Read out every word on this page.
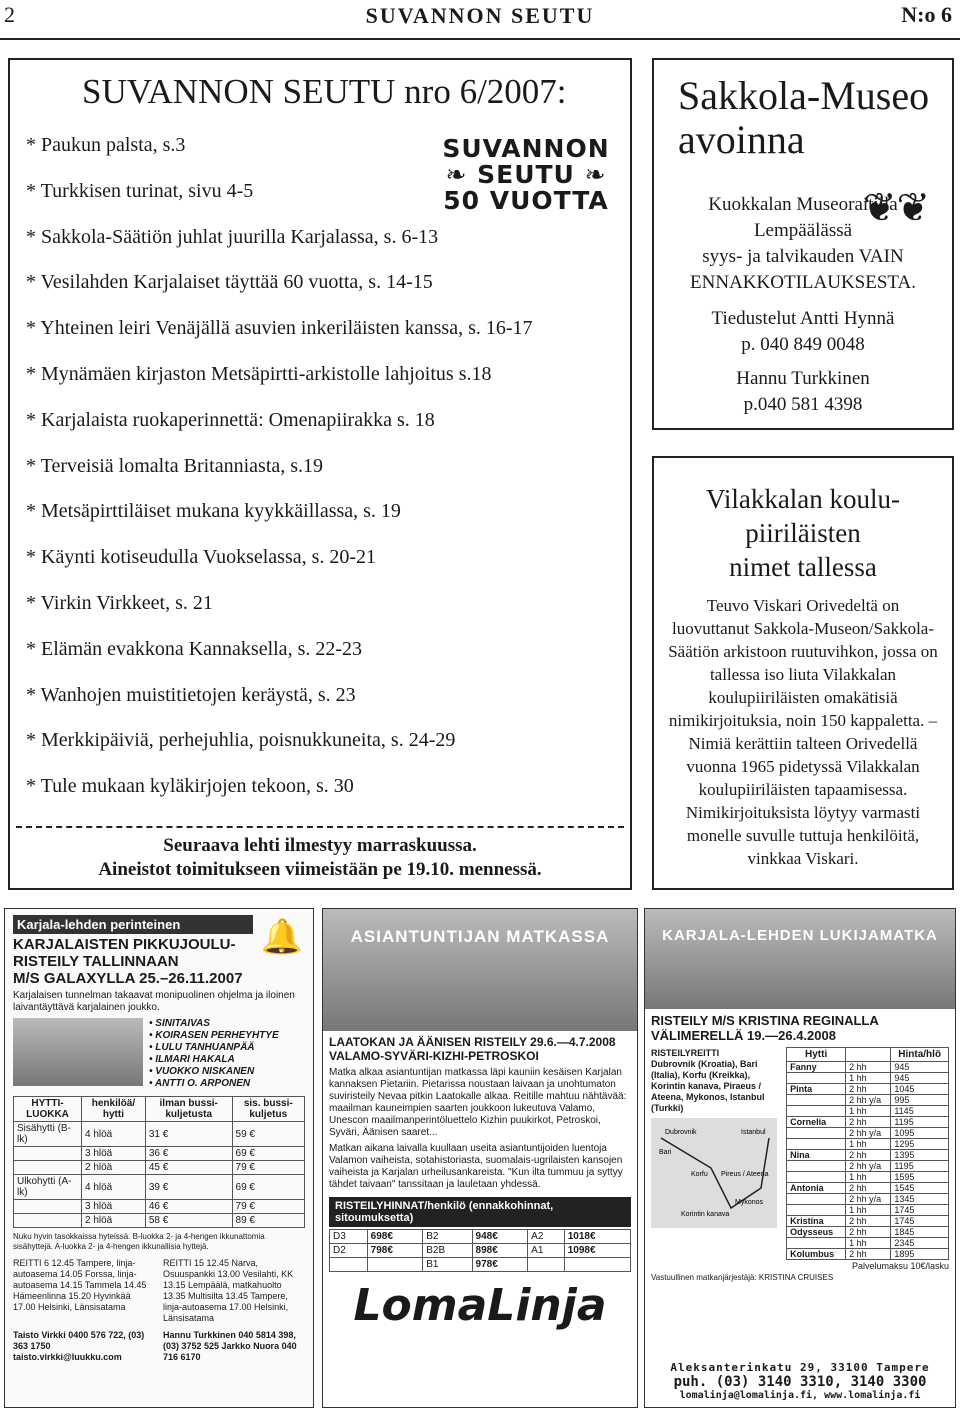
2	SUVANNON SEUTU	N:o 6
SUVANNON SEUTU nro 6/2007:
* Paukun palsta, s.3
* Turkkisen turinat, sivu 4-5
* Sakkola-Säätiön juhlat juurilla Karjalassa, s. 6-13
* Vesilahden Karjalaiset täyttää 60 vuotta, s. 14-15
* Yhteinen leiri Venäjällä asuvien inkeriläisten kanssa, s. 16-17
* Mynämäen kirjaston Metsäpirtti-arkistolle lahjoitus s.18
* Karjalaista ruokaperinnettä: Omenapiirakka s. 18
* Terveisiä lomalta Britanniasta, s.19
* Metsäpirttiläiset mukana kyykkäillassa, s. 19
* Käynti kotiseudulla Vuokselassa, s. 20-21
* Virkin Virkkeet, s. 21
* Elämän evakkona Kannaksella, s. 22-23
* Wanhojen muistitietojen keräystä, s. 23
* Merkkipäiviä, perhejuhlia, poisnukkuneita, s. 24-29
* Tule mukaan kyläkirjojen tekoon, s. 30
SUVANNON
❧ SEUTU ❧
50 VUOTTA
Seuraava lehti ilmestyy marraskuussa.
Aineistot toimitukseen viimeistään pe 19.10. mennessä.
Sakkola-Museo
avoinna
❦❦

Kuokkalan Museoraitilla

Lempäälässä

syys- ja talvikauden VAIN

ENNAKKOTILAUKSESTA.

Tiedustelut Antti Hynnä

p. 040 849 0048

Hannu Turkkinen

p.040 581 4398

Vilakkalan koulu-
piiriläisten
nimet tallessa

Teuvo Viskari Orivedeltä on luovuttanut Sakkola-Museon/Sakkola-Säätiön arkistoon ruutuvihkon, jossa on tallessa iso liuta Vilakkalan koulupiiriläisten omakätisiä nimikirjoituksia, noin 150 kappaletta. – Nimiä kerättiin talteen Orivedellä vuonna 1965 pidetyssä Vilakkalan koulupiiriläisten tapaamisessa. Nimikirjoituksista löytyy varmasti monelle suvulle tuttuja henkilöitä, vinkkaa Viskari.

Karjala-lehden perinteinen
KARJALAISTEN PIKKUJOULU-
RISTEILY TALLINNAAN
M/S GALAXYLLA 25.–26.11.2007
🔔
Karjalaisen tunnelman takaavat monipuolinen ohjelma ja iloinen laivantäyttävä karjalainen joukko.
• SINITAIVAS
• KOIRASEN PERHEYHTYE
• LULU TANHUANPÄÄ
• ILMARI HAKALA
• VUOKKO NISKANEN
• ANTTI O. ARPONEN
HYTTI-LUOKKA	henkilöä/ hytti	ilman bussi-kuljetusta	sis. bussi-kuljetus
Sisähytti (B-lk)	4 hlöä	31 €	59 €
	3 hlöä	36 €	69 €
	2 hlöä	45 €	79 €
Ulkohytti (A-lk)	4 hlöä	39 €	69 €
	3 hlöä	46 €	79 €
	2 hlöä	58 €	89 €
Nuku hyvin tasokkaissa hyteissä. B-luokka 2- ja 4-hengen ikkunattomia sisähyttejä. A-luokka 2- ja 4-hengen ikkunallisia hyttejä.
REITTI 6 12.45 Tampere, linja-autoasema 14.05 Forssa, linja-autoasema 14.15 Tammela 14.45 Hämeenlinna 15.20 Hyvinkää 17.00 Helsinki, Länsisatama
REITTI 15 12.45 Narva, Osuuspankki 13.00 Vesilahti, KK 13.15 Lempäälä, matkahuolto 13.35 Multisilta 13.45 Tampere, linja-autoasema 17.00 Helsinki, Länsisatama
Taisto Virkki 0400 576 722, (03) 363 1750 taisto.virkki@luukku.com
Hannu Turkkinen 040 5814 398, (03) 3752 525 Jarkko Nuora 040 716 6170
ASIANTUNTIJAN MATKASSA
LAATOKAN JA ÄÄNISEN RISTEILY 29.6.—4.7.2008
VALAMO-SYVÄRI-KIZHI-PETROSKOI
Matka alkaa asiantuntijan matkassa läpi kauniin kesäisen Karjalan kannaksen Pietariin. Pietarissa noustaan laivaan ja unohtumaton suviristeily Nevaa pitkin Laatokalle alkaa. Reitille mahtuu nähtävää: maailman kauneimpien saarten joukkoon lukeutuva Valamo, Unescon maailmanperintöluettelo Kizhin puukirkot, Petroskoi, Syväri, Äänisen saaret...
Matkan aikana laivalla kuullaan useita asiantuntijoiden luentoja Valamon vaiheista, sotahistoriasta, suomalais-ugrilaisten kansojen vaiheista ja Karjalan urheilusankareista. "Kun ilta tummuu ja syttyy tähdet taivaan" tanssitaan ja lauletaan yhdessä.
RISTEILYHINNAT/henkilö (ennakkohinnat, sitoumuksetta)
D3	698€	B2	948€	A2	1018€
D2	798€	B2B	898€	A1	1098€
		B1	978€		
LomaLinja
KARJALA-LEHDEN LUKIJAMATKA
RISTEILY M/S KRISTINA REGINALLA VÄLIMERELLÄ 19.—26.4.2008
RISTEILYREITTI
Dubrovnik (Kroatia), Bari (Italia), Korfu (Kreikka), Korintin kanava, Piraeus / Ateena, Mykonos, Istanbul (Turkki)
Dubrovnik	Istanbul
Bari
Korfu Pireus / Ateena
Korintin kanava
Mykonos
Hytti		Hinta/hlö
Fanny	2 hh	945
	1 hh	945
Pinta	2 hh	1045
	2 hh y/a	995
	1 hh	1145
Cornelia	2 hh	1195
	2 hh y/a	1095
	1 hh	1295
Nina	2 hh	1395
	2 hh y/a	1195
	1 hh	1595
Antonia	2 hh	1545
	2 hh y/a	1345
	1 hh	1745
Kristina	2 hh	1745
Odysseus	2 hh	1845
	1 hh	2345
Kolumbus	2 hh	1895
Palvelumaksu 10€/lasku
Vastuullinen matkanjärjestäjä: KRISTINA CRUISES
Aleksanterinkatu 29, 33100 Tampere
puh. (03) 3140 3310, 3140 3300
lomalinja@lomalinja.fi, www.lomalinja.fi
